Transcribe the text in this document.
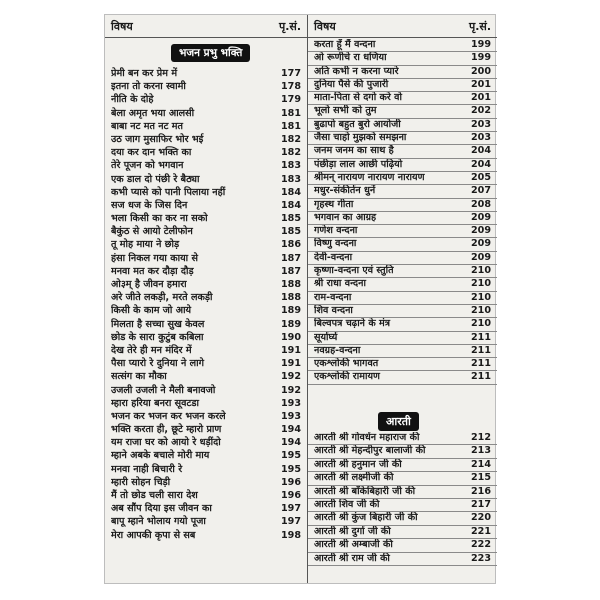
विषय	पृ.सं.
भजन प्रभु भक्ति
प्रेमी बन कर प्रेम में	177
इतना तो करना स्वामी	178
नीति के दोहे	179
बेला अमृत भया आलसी	181
बाबा नट मत नट मत	181
उठ जाग मुसाफिर भोर भई	182
दया कर दान भक्ति का	182
तेरे पूजन को भगवान	183
एक डाल दो पंछी रे बैठ्या	183
कभी प्यासे को पानी पिलाया नहीं	184
सज धज के जिस दिन	184
भला किसी का कर ना सको	185
बैकुंठ से आयो टेलीफोन	185
तू मोह माया ने छोड़	186
हंसा निकल गया काया से	187
मनवा मत कर दौड़ा दौड़	187
ओ३म् है जीवन हमारा	188
अरे जीते लकड़ी, मरते लकड़ी	188
किसी के काम जो आये	189
मिलता है सच्चा सुख केवल	189
छोड के सारा कुटुंब कबिला	190
देख तेरे ही मन मंदिर में	191
पैसा प्यारो रे दुनिया ने लागे	191
सत्संग का मौका	192
उजली उजली ने मैली बनावजो	192
म्हारा हरिया बनरा सूवटडा	193
भजन कर भजन कर भजन करले	193
भक्ति करता ही, छूटे म्हारो प्राण	194
यम राजा घर को आयो रे धड़ींदो	194
म्हाने अबके बचाले मोरी माय	195
मनवा नाही बिचारी रे	195
म्हारी सोहन चिड़ी	196
मैं तो छोड चली सारा देश	196
अब सौंप दिया इस जीवन का	197
बापू म्हाने भोलाय गयो पूजा	197
मेरा आपकी कृपा से सब	198
विषय	पृ.सं.
करता हूँ मैं वन्दना	199
ओ रूणीचे रा धणिया	199
अति कभी न करना प्यारे	200
दुनिया पैसे की पुजारी	201
माता-पिता से दगो करे वो	201
भूलो सभी को तुम	202
बुढापो बहुत बुरो आयोजी	203
जैसा चाहो मुझको समझना	203
जनम जनम का साथ है	204
पंछीड़ा लाल आछी पढ़ियो	204
श्रीमन् नारायण नारायण नारायण	205
मधुर-संकीर्तन धुनें	207
गृहस्थ गीता	208
भगवान का आग्रह	209
गणेश वन्दना	209
विष्णु वन्दना	209
देवी-वन्दना	209
कृष्णा-वन्दना एवं स्तुति	210
श्री राधा वन्दना	210
राम-वन्दना	210
शिव वन्दना	210
बिल्वपत्र चढ़ाने के मंत्र	210
सूर्यार्घ्य	211
नवग्रह-वन्दना	211
एकश्लोकी भागवत	211
एकश्लोकी रामायण	211
आरती
आरती श्री गोवर्धन महाराज की	212
आरती श्री मेहन्दीपुर बालाजी की	213
आरती श्री हनुमान जी की	214
आरती श्री लक्ष्मीजी की	215
आरती श्री बाँकेबिहारी जी की	216
आरती शिव जी की	217
आरती श्री कुंज बिहारी जी की	220
आरती श्री दुर्गा जी की	221
आरती श्री अम्बाजी की	222
आरती श्री राम जी की	223
